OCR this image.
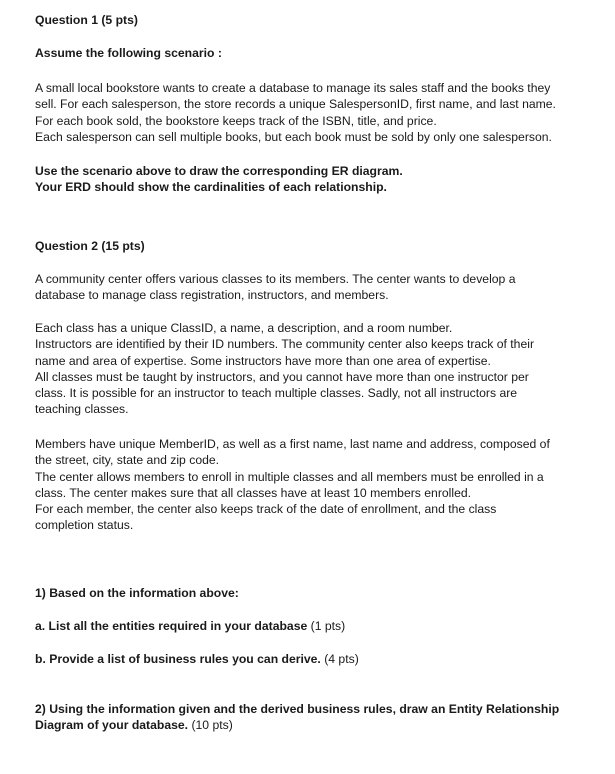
Question 1 (5 pts)
Assume the following scenario :
A small local bookstore wants to create a database to manage its sales staff and the books they
sell. For each salesperson, the store records a unique SalespersonID, first name, and last name.
For each book sold, the bookstore keeps track of the ISBN, title, and price.
Each salesperson can sell multiple books, but each book must be sold by only one salesperson.
Use the scenario above to draw the corresponding ER diagram.
Your ERD should show the cardinalities of each relationship.
Question 2 (15 pts)
A community center offers various classes to its members. The center wants to develop a
database to manage class registration, instructors, and members.
Each class has a unique ClassID, a name, a description, and a room number.
Instructors are identified by their ID numbers. The community center also keeps track of their
name and area of expertise. Some instructors have more than one area of expertise.
All classes must be taught by instructors, and you cannot have more than one instructor per
class. It is possible for an instructor to teach multiple classes. Sadly, not all instructors are
teaching classes.
Members have unique MemberID, as well as a first name, last name and address, composed of
the street, city, state and zip code.
The center allows members to enroll in multiple classes and all members must be enrolled in a
class. The center makes sure that all classes have at least 10 members enrolled.
For each member, the center also keeps track of the date of enrollment, and the class
completion status.
1) Based on the information above:
a. List all the entities required in your database (1 pts)
b. Provide a list of business rules you can derive. (4 pts)
2) Using the information given and the derived business rules, draw an Entity Relationship
Diagram of your database. (10 pts)
